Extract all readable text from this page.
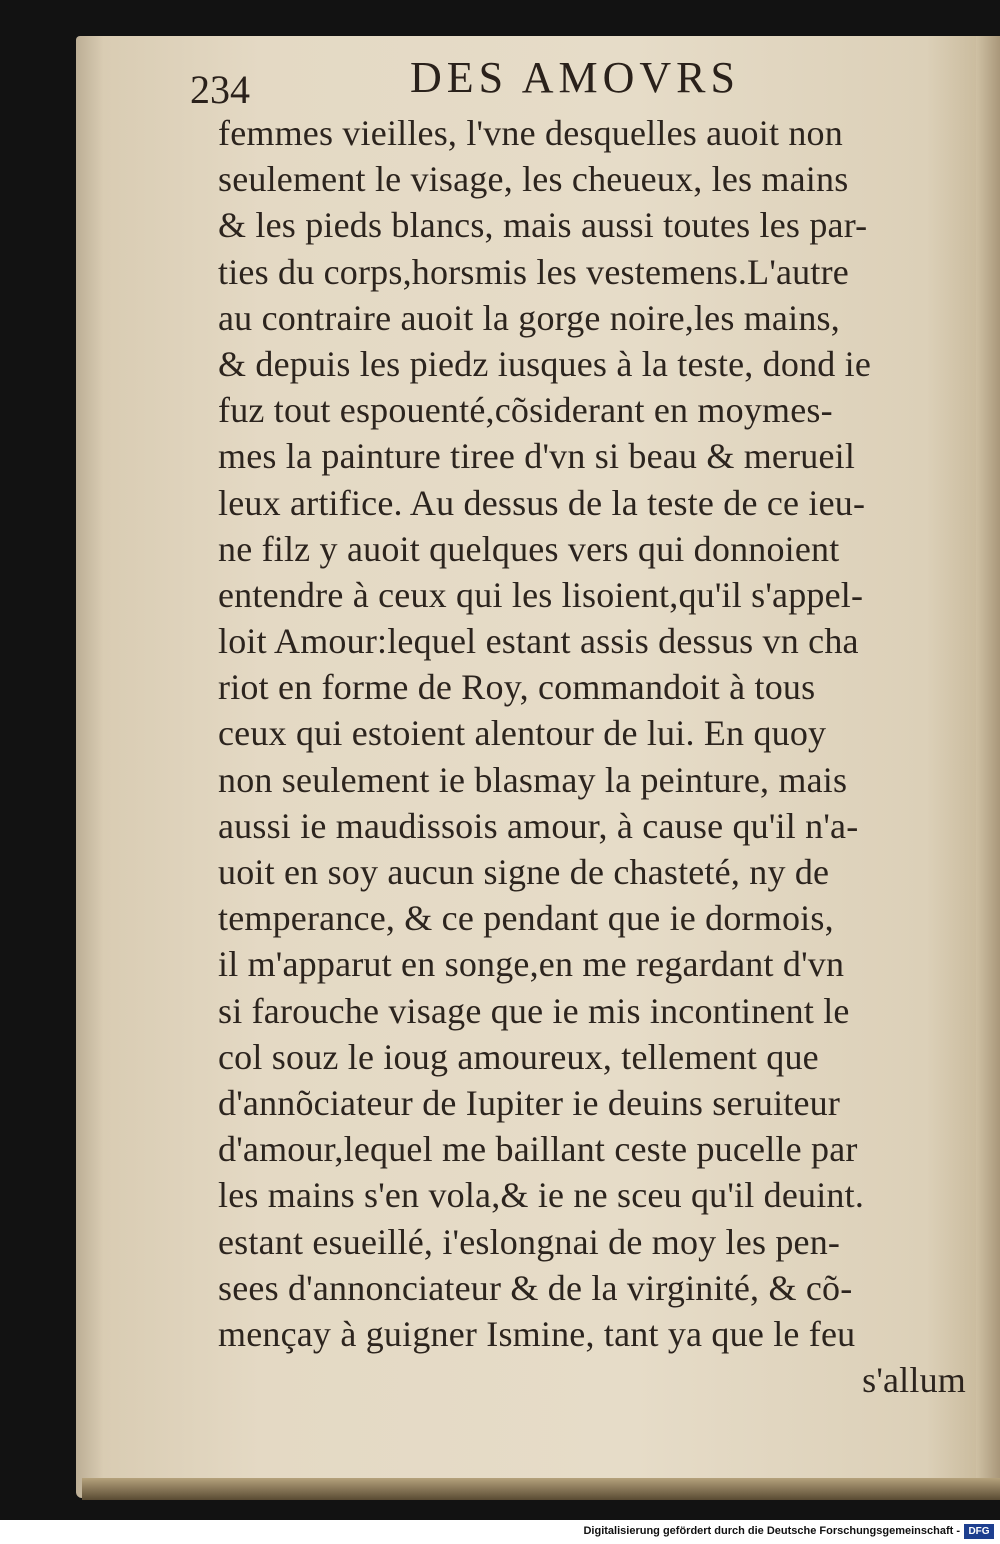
234	DES AMOVRS
femmes vieilles, l'vne desquelles auoit non
seulement le visage, les cheueux, les mains
& les pieds blancs, mais aussi toutes les par-
ties du corps,horsmis les vestemens.L'autre
au contraire auoit la gorge noire,les mains,
& depuis les piedz iusques à la teste, dond ie
fuz tout espouenté,cõsiderant en moymes-
mes la painture tiree d'vn si beau & merueil
leux artifice. Au dessus de la teste de ce ieu-
ne filz y auoit quelques vers qui donnoient
entendre à ceux qui les lisoient,qu'il s'appel-
loit Amour:lequel estant assis dessus vn cha
riot en forme de Roy, commandoit à tous
ceux qui estoient alentour de lui. En quoy
non seulement ie blasmay la peinture, mais
aussi ie maudissois amour, à cause qu'il n'a-
uoit en soy aucun signe de chasteté, ny de
temperance, & ce pendant que ie dormois,
il m'apparut en songe,en me regardant d'vn
si farouche visage que ie mis incontinent le
col souz le ioug amoureux, tellement que
d'annõciateur de Iupiter ie deuins seruiteur
d'amour,lequel me baillant ceste pucelle par
les mains s'en vola,& ie ne sceu qu'il deuint.
estant esueillé, i'eslongnai de moy les pen-
sees d'annonciateur & de la virginité, & cõ-
mençay à guigner Ismine, tant ya que le feu
s'allum
Digitalisierung gefördert durch die Deutsche Forschungsgemeinschaft - DFG
